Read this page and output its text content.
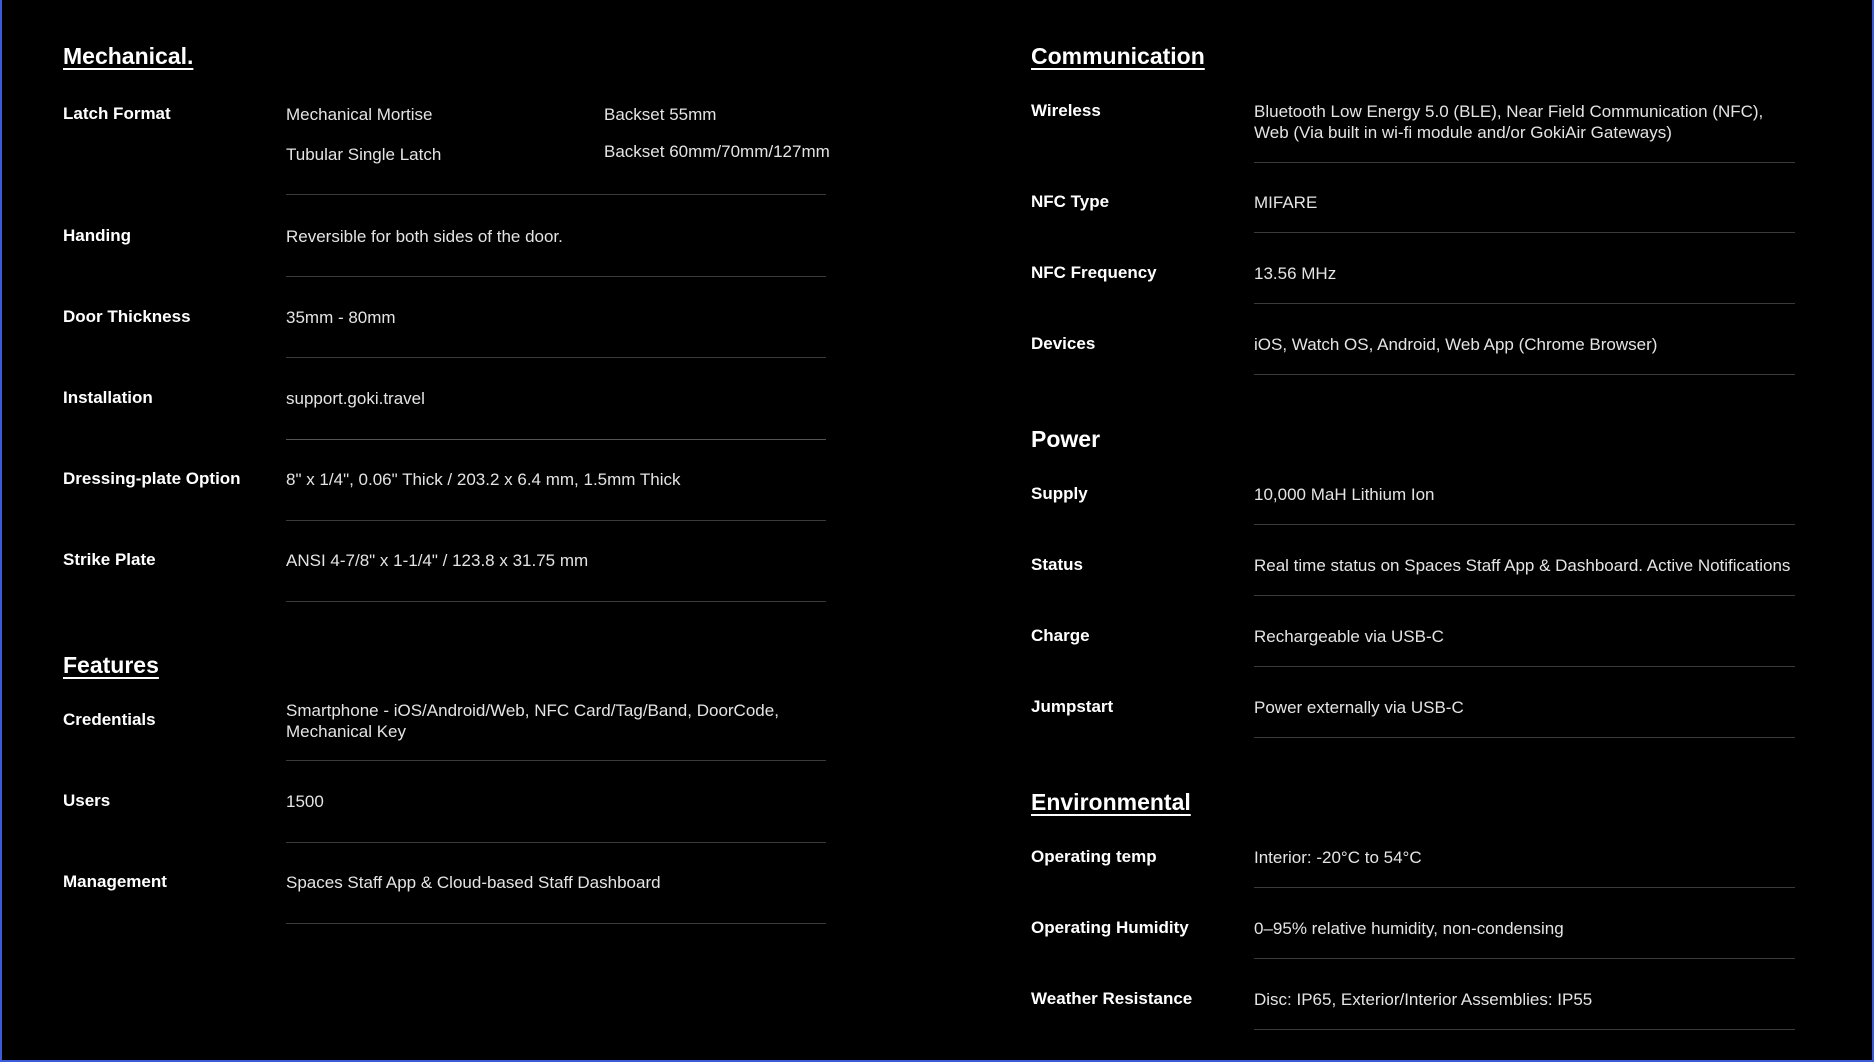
Mechanical.
Latch Format	Mechanical Mortise	Backset 55mm
Tubular Single Latch	Backset 60mm/70mm/127mm
Handing	Reversible for both sides of the door.
Door Thickness	35mm - 80mm
Installation	support.goki.travel
Dressing-plate Option	8" x 1/4", 0.06" Thick / 203.2 x 6.4 mm, 1.5mm Thick
Strike Plate	ANSI 4-7/8" x 1-1/4" / 123.8 x 31.75 mm
Features
Credentials	Smartphone - iOS/Android/Web, NFC Card/Tag/Band, DoorCode, Mechanical Key
Users	1500
Management	Spaces Staff App & Cloud-based Staff Dashboard
Communication
Wireless	Bluetooth Low Energy 5.0 (BLE), Near Field Communication (NFC), Web (Via built in wi-fi module and/or GokiAir Gateways)
NFC Type	MIFARE
NFC Frequency	13.56 MHz
Devices	iOS, Watch OS, Android, Web App (Chrome Browser)
Power
Supply	10,000 MaH Lithium Ion
Status	Real time status on Spaces Staff App & Dashboard. Active Notifications
Charge	Rechargeable via USB-C
Jumpstart	Power externally via USB-C
Environmental
Operating temp	Interior: -20°C to 54°C
Operating Humidity	0–95% relative humidity, non-condensing
Weather Resistance	Disc: IP65, Exterior/Interior Assemblies: IP55
